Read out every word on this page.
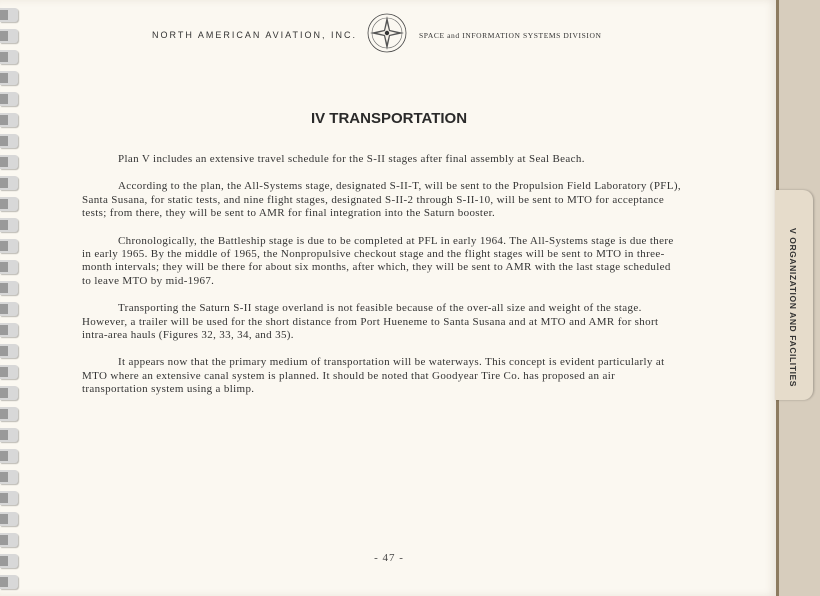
V ORGANIZATION AND FACILITIES
NORTH AMERICAN AVIATION, INC.	SPACE and INFORMATION SYSTEMS DIVISION
IV TRANSPORTATION

Plan V includes an extensive travel schedule for the S-II stages after final assembly at Seal Beach.

According to the plan, the All-Systems stage, designated S-II-T, will be sent to the Propulsion Field Laboratory (PFL), Santa Susana, for static tests, and nine flight stages, designated S-II-2 through S-II-10, will be sent to MTO for acceptance tests; from there, they will be sent to AMR for final integration into the Saturn booster.

Chronologically, the Battleship stage is due to be completed at PFL in early 1964. The All-Systems stage is due there in early 1965. By the middle of 1965, the Nonpropulsive checkout stage and the flight stages will be sent to MTO in three-month intervals; they will be there for about six months, after which, they will be sent to AMR with the last stage scheduled to leave MTO by mid-1967.

Transporting the Saturn S-II stage overland is not feasible because of the over-all size and weight of the stage. However, a trailer will be used for the short distance from Port Hueneme to Santa Susana and at MTO and AMR for short intra-area hauls (Figures 32, 33, 34, and 35).

It appears now that the primary medium of transportation will be waterways. This concept is evident particularly at MTO where an extensive canal system is planned. It should be noted that Goodyear Tire Co. has proposed an air transportation system using a blimp.

- 47 -
